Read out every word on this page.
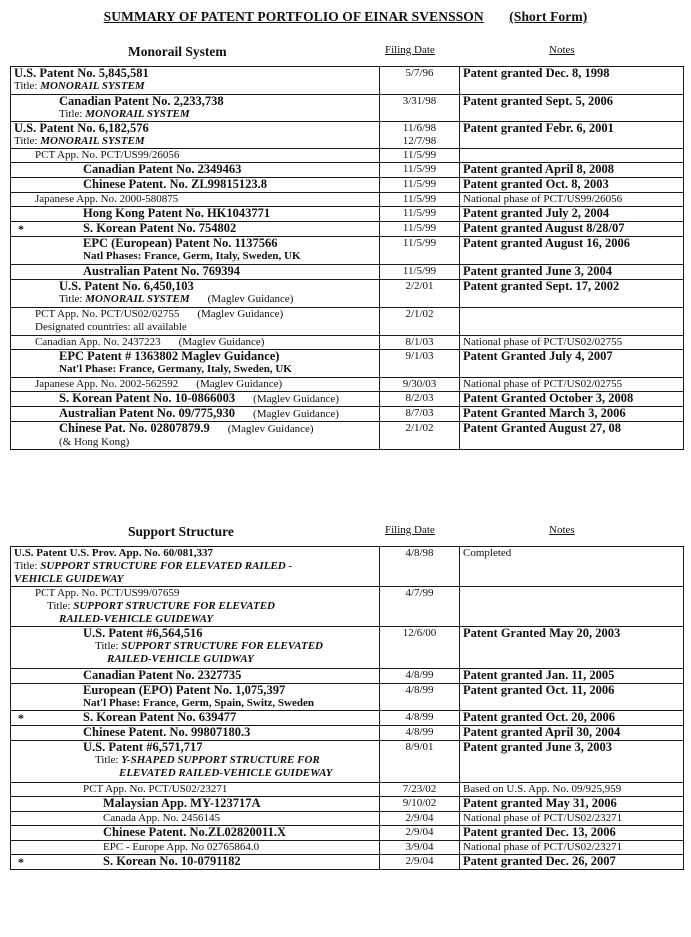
SUMMARY OF PATENT PORTFOLIO OF EINAR SVENSSON (Short Form)
Monorail System	Filing Date	Notes
U.S. Patent No. 5,845,581
Title: MONORAIL SYSTEM	5/7/96	Patent granted Dec. 8, 1998

Canadian Patent No. 2,233,738
Title: MONORAIL SYSTEM	3/31/98	Patent granted Sept. 5, 2006

U.S. Patent No. 6,182,576
Title: MONORAIL SYSTEM	11/6/98
12/7/98	Patent granted Febr. 6, 2001

PCT App. No. PCT/US99/26056	11/5/99	

Canadian Patent No. 2349463	11/5/99	Patent granted April 8, 2008

Chinese Patent. No. ZL99815123.8	11/5/99	Patent granted Oct. 8, 2003

Japanese App. No. 2000-580875	11/5/99	National phase of PCT/US99/26056

Hong Kong Patent No. HK1043771	11/5/99	Patent granted July 2, 2004

S. Korean Patent No. 754802	11/5/99	Patent granted August 8/28/07

EPC (European) Patent No. 1137566
Natl Phases: France, Germ, Italy, Sweden, UK	11/5/99	Patent granted August 16, 2006

Australian Patent No. 769394	11/5/99	Patent granted June 3, 2004

U.S. Patent No. 6,450,103
Title: MONORAIL SYSTEM (Maglev Guidance)	2/2/01	Patent granted Sept. 17, 2002

PCT App. No. PCT/US02/02755 (Maglev Guidance)
Designated countries: all available	2/1/02	

Canadian App. No. 2437223 (Maglev Guidance)	8/1/03	National phase of PCT/US02/02755

EPC Patent # 1363802 Maglev Guidance)
Nat'l Phase: France, Germany, Italy, Sweden, UK	9/1/03	Patent Granted July 4, 2007

Japanese App. No. 2002-562592 (Maglev Guidance)	9/30/03	National phase of PCT/US02/02755

S. Korean Patent No. 10-0866003 (Maglev Guidance)	8/2/03	Patent Granted October 3, 2008

Australian Patent No. 09/775,930 (Maglev Guidance)	8/7/03	Patent Granted March 3, 2006

Chinese Pat. No. 02807879.9 (Maglev Guidance)
(& Hong Kong)	2/1/02	Patent Granted August 27, 08
Support Structure	Filing Date	Notes
U.S. Patent U.S. Prov. App. No. 60/081,337
Title: SUPPORT STRUCTURE FOR ELEVATED RAILED -
VEHICLE GUIDEWAY	4/8/98	Completed

PCT App. No. PCT/US99/07659
Title: SUPPORT STRUCTURE FOR ELEVATED
RAILED-VEHICLE GUIDEWAY	4/7/99	

U.S. Patent #6,564,516
Title: SUPPORT STRUCTURE FOR ELEVATED
RAILED-VEHICLE GUIDWAY	12/6/00	Patent Granted May 20, 2003

Canadian Patent No. 2327735	4/8/99	Patent granted Jan. 11, 2005

European (EPO) Patent No. 1,075,397
Nat'l Phase: France, Germ, Spain, Switz, Sweden	4/8/99	Patent granted Oct. 11, 2006

S. Korean Patent No. 639477	4/8/99	Patent granted Oct. 20, 2006

Chinese Patent. No. 99807180.3	4/8/99	Patent granted April 30, 2004

U.S. Patent #6,571,717
Title: Y-SHAPED SUPPORT STRUCTURE FOR
ELEVATED RAILED-VEHICLE GUIDEWAY	8/9/01	Patent granted June 3, 2003

PCT App. No. PCT/US02/23271	7/23/02	Based on U.S. App. No. 09/925,959

Malaysian App. MY-123717A	9/10/02	Patent granted May 31, 2006

Canada App. No. 2456145	2/9/04	National phase of PCT/US02/23271

Chinese Patent. No.ZL02820011.X	2/9/04	Patent granted Dec. 13, 2006

EPC - Europe App. No 02765864.0	3/9/04	National phase of PCT/US02/23271

S. Korean No. 10-0791182	2/9/04	Patent granted Dec. 26, 2007
*
*
*
